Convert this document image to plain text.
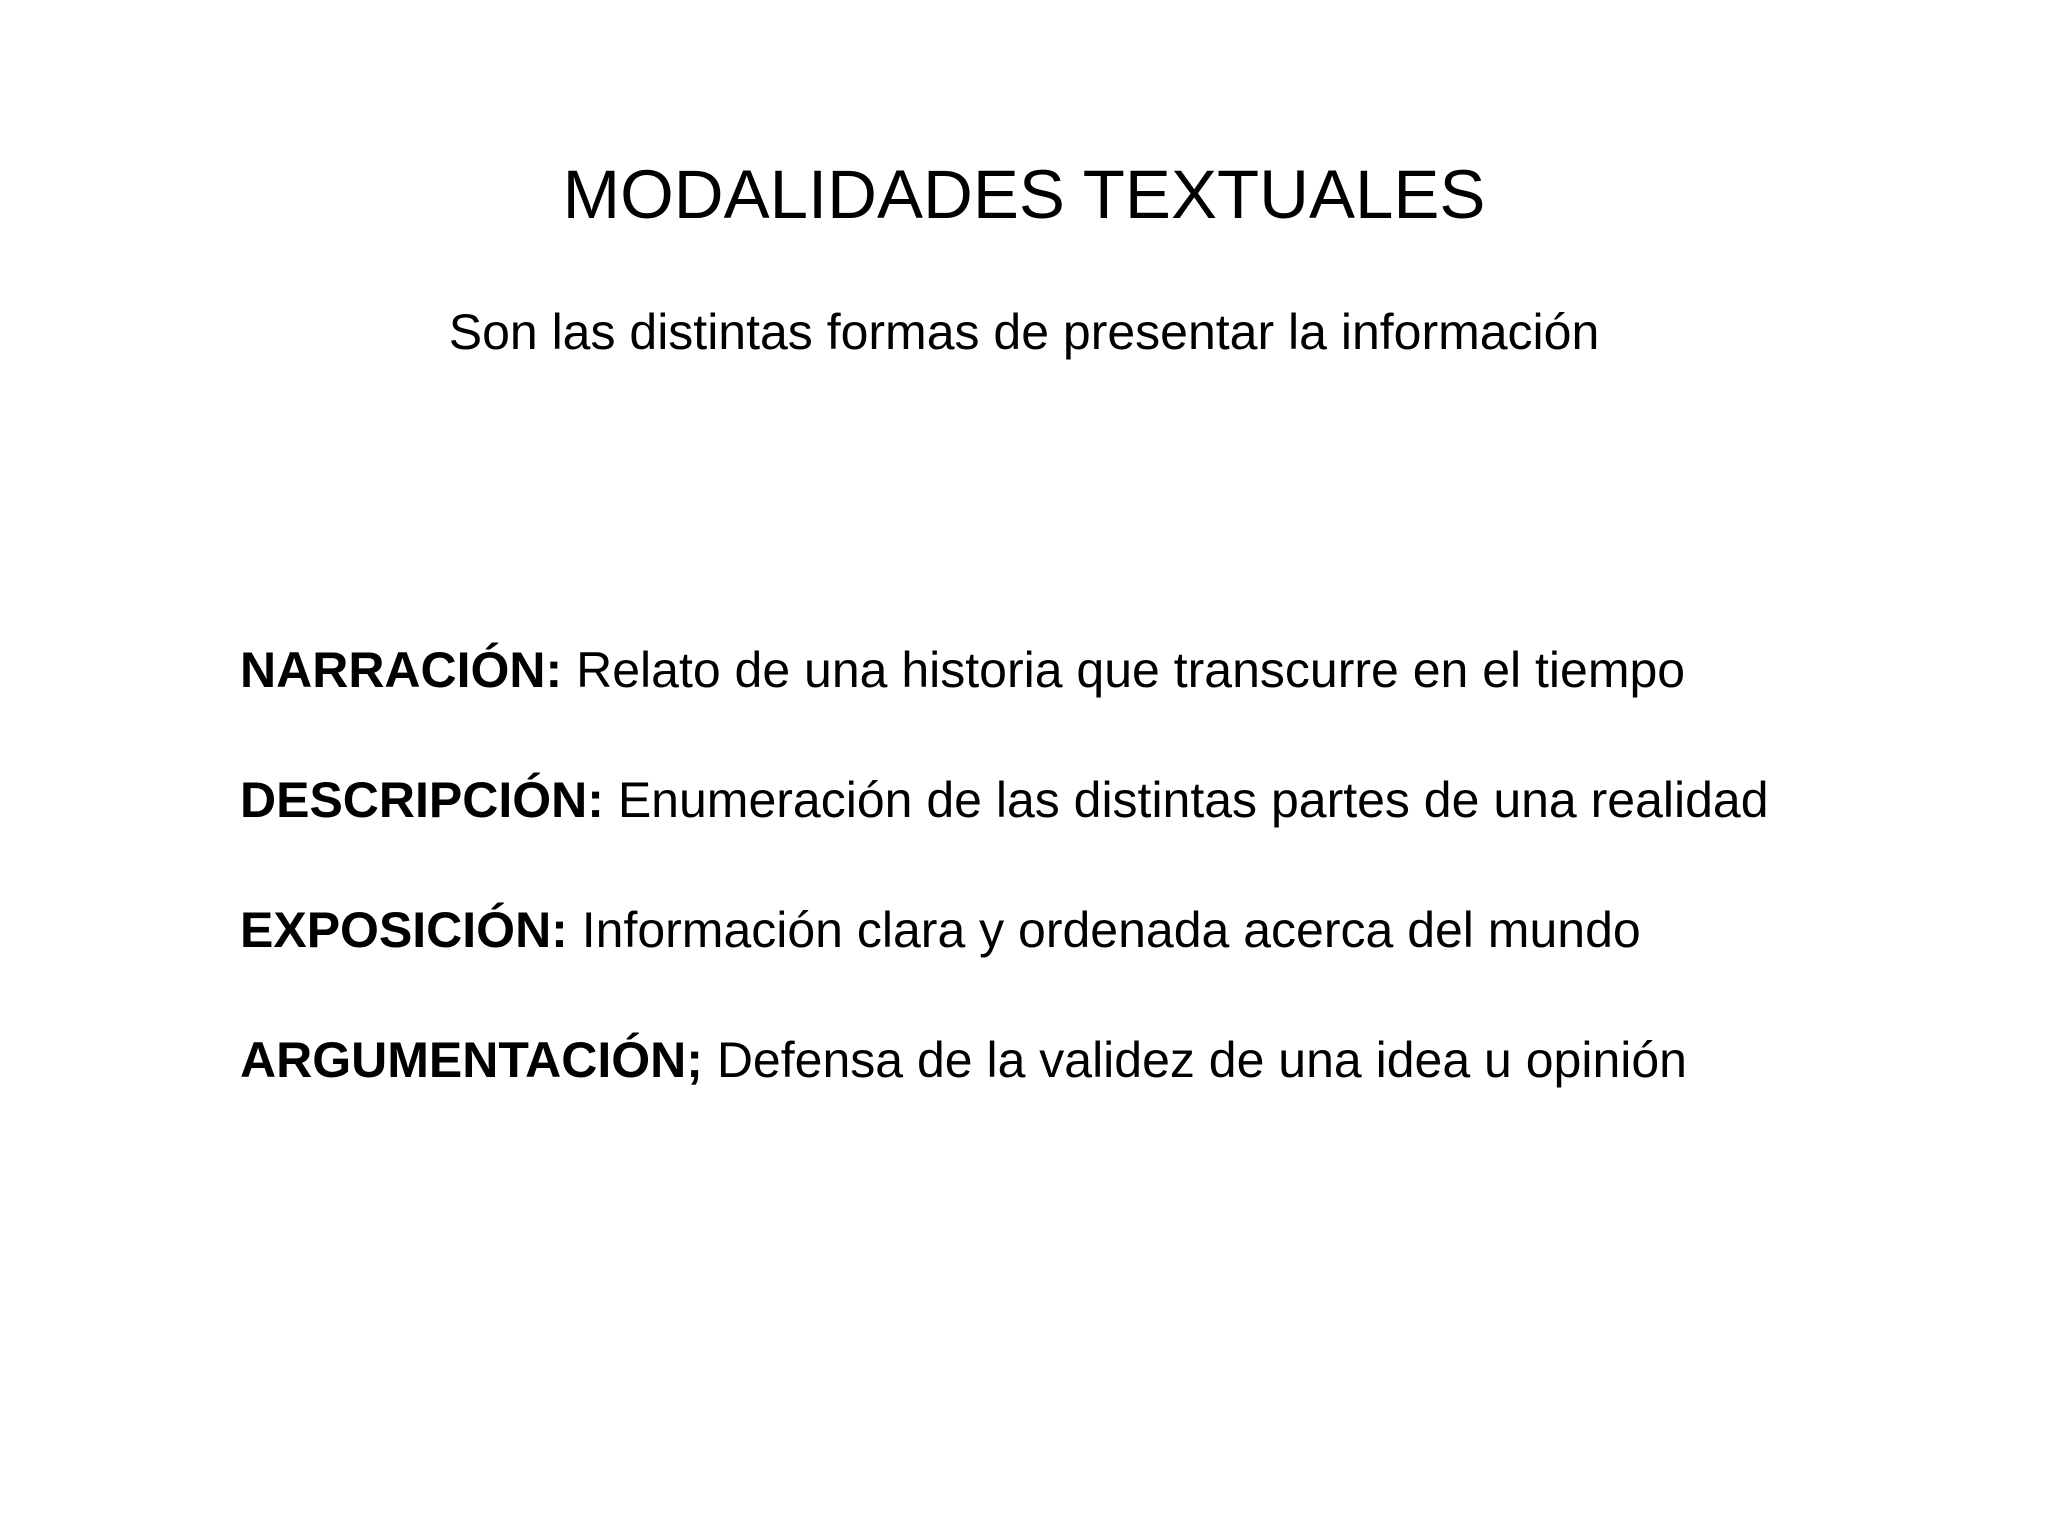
MODALIDADES TEXTUALES

Son las distintas formas de presentar la información

NARRACIÓN: Relato de una historia que transcurre en el tiempo
DESCRIPCIÓN: Enumeración de las distintas partes de una realidad
EXPOSICIÓN: Información clara y ordenada acerca del mundo
ARGUMENTACIÓN; Defensa de la validez de una idea u opinión
